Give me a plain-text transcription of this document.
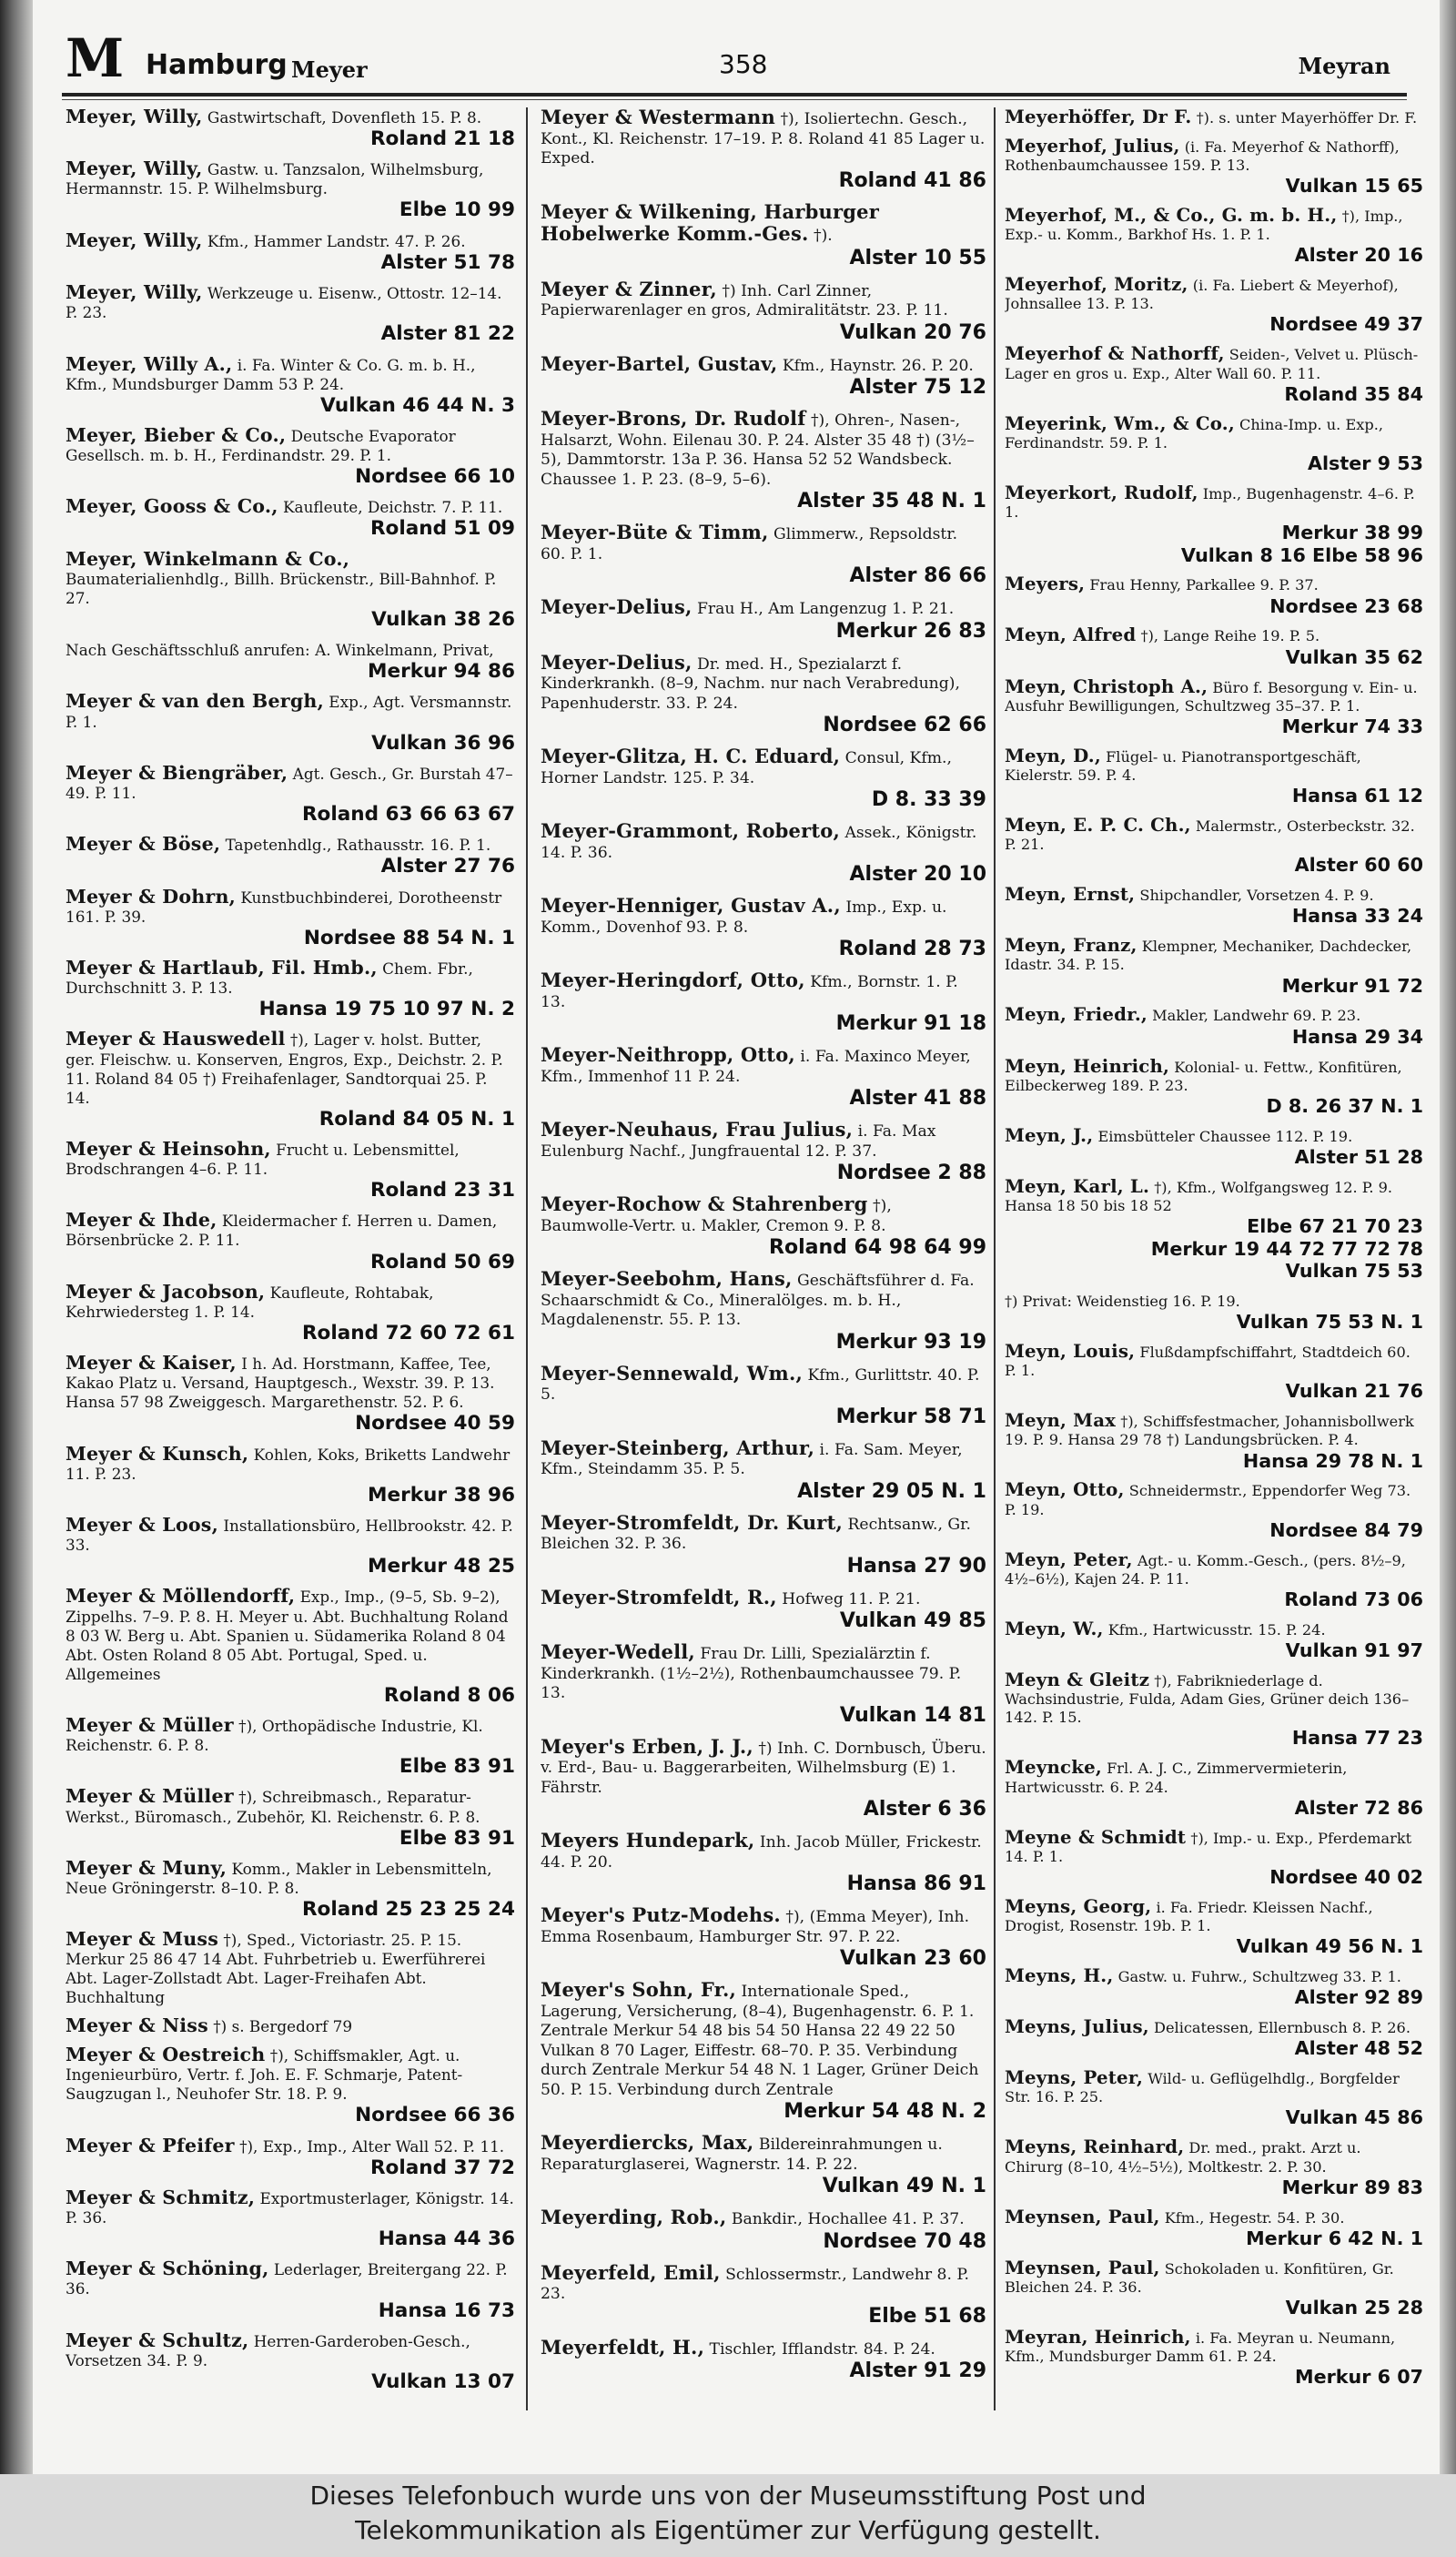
M Hamburg Meyer	358	Meyran
Meyer, Willy, Gastwirtschaft, Dovenfleth 15. P. 8.
Roland 21 18
Meyer, Willy, Gastw. u. Tanzsalon, Wilhelmsburg, Hermannstr. 15. P. Wilhelmsburg.
Elbe 10 99
Meyer, Willy, Kfm., Hammer Landstr. 47. P. 26.
Alster 51 78
Meyer, Willy, Werkzeuge u. Eisenw., Ottostr. 12–14. P. 23.
Alster 81 22
Meyer, Willy A., i. Fa. Winter & Co. G. m. b. H., Kfm., Mundsburger Damm 53 P. 24.
Vulkan 46 44 N. 3
Meyer, Bieber & Co., Deutsche Evaporator Gesellsch. m. b. H., Ferdinandstr. 29. P. 1.
Nordsee 66 10
Meyer, Gooss & Co., Kaufleute, Deichstr. 7. P. 11.
Roland 51 09
Meyer, Winkelmann & Co., Baumaterialienhdlg., Billh. Brückenstr., Bill-Bahnhof. P. 27.
Vulkan 38 26
Nach Geschäftsschluß anrufen: A. Winkelmann, Privat,
Merkur 94 86
Meyer & van den Bergh, Exp., Agt. Versmannstr. P. 1.
Vulkan 36 96
Meyer & Biengräber, Agt. Gesch., Gr. Burstah 47–49. P. 11.
Roland 63 66 63 67
Meyer & Böse, Tapetenhdlg., Rathausstr. 16. P. 1.
Alster 27 76
Meyer & Dohrn, Kunstbuchbinderei, Dorotheenstr 161. P. 39.
Nordsee 88 54 N. 1
Meyer & Hartlaub, Fil. Hmb., Chem. Fbr., Durchschnitt 3. P. 13.
Hansa 19 75 10 97 N. 2
Meyer & Hauswedell †), Lager v. holst. Butter, ger. Fleischw. u. Konserven, Engros, Exp., Deichstr. 2. P. 11. Roland 84 05 †) Freihafenlager, Sandtorquai 25. P. 14.
Roland 84 05 N. 1
Meyer & Heinsohn, Frucht u. Lebensmittel, Brodschrangen 4–6. P. 11.
Roland 23 31
Meyer & Ihde, Kleidermacher f. Herren u. Damen, Börsenbrücke 2. P. 11.
Roland 50 69
Meyer & Jacobson, Kaufleute, Rohtabak, Kehrwiedersteg 1. P. 14.
Roland 72 60 72 61
Meyer & Kaiser, I h. Ad. Horstmann, Kaffee, Tee, Kakao Platz u. Versand, Hauptgesch., Wexstr. 39. P. 13. Hansa 57 98 Zweiggesch. Margarethenstr. 52. P. 6.
Nordsee 40 59
Meyer & Kunsch, Kohlen, Koks, Briketts Landwehr 11. P. 23.
Merkur 38 96
Meyer & Loos, Installationsbüro, Hellbrookstr. 42. P. 33.
Merkur 48 25
Meyer & Möllendorff, Exp., Imp., (9–5, Sb. 9–2), Zippelhs. 7–9. P. 8. H. Meyer u. Abt. Buchhaltung Roland 8 03 W. Berg u. Abt. Spanien u. Südamerika Roland 8 04 Abt. Osten Roland 8 05 Abt. Portugal, Sped. u. Allgemeines
Roland 8 06
Meyer & Müller †), Orthopädische Industrie, Kl. Reichenstr. 6. P. 8.
Elbe 83 91
Meyer & Müller †), Schreibmasch., Reparatur-Werkst., Büromasch., Zubehör, Kl. Reichenstr. 6. P. 8.
Elbe 83 91
Meyer & Muny, Komm., Makler in Lebensmitteln, Neue Gröningerstr. 8–10. P. 8.
Roland 25 23 25 24
Meyer & Muss †), Sped., Victoriastr. 25. P. 15. Merkur 25 86 47 14 Abt. Fuhrbetrieb u. Ewerführerei Abt. Lager-Zollstadt Abt. Lager-Freihafen Abt. Buchhaltung
Meyer & Niss †) s. Bergedorf 79
Meyer & Oestreich †), Schiffsmakler, Agt. u. Ingenieurbüro, Vertr. f. Joh. E. F. Schmarje, Patent-Saugzugan l., Neuhofer Str. 18. P. 9.
Nordsee 66 36
Meyer & Pfeifer †), Exp., Imp., Alter Wall 52. P. 11.
Roland 37 72
Meyer & Schmitz, Exportmusterlager, Königstr. 14. P. 36.
Hansa 44 36
Meyer & Schöning, Lederlager, Breitergang 22. P. 36.
Hansa 16 73
Meyer & Schultz, Herren-Garderoben-Gesch., Vorsetzen 34. P. 9.
Vulkan 13 07
Meyer & Westermann †), Isoliertechn. Gesch., Kont., Kl. Reichenstr. 17–19. P. 8. Roland 41 85 Lager u. Exped.
Roland 41 86
Meyer & Wilkening, Harburger Hobelwerke Komm.-Ges. †).
Alster 10 55
Meyer & Zinner, †) Inh. Carl Zinner, Papierwarenlager en gros, Admiralitätstr. 23. P. 11.
Vulkan 20 76
Meyer-Bartel, Gustav, Kfm., Haynstr. 26. P. 20.
Alster 75 12
Meyer-Brons, Dr. Rudolf †), Ohren-, Nasen-, Halsarzt, Wohn. Eilenau 30. P. 24. Alster 35 48 †) (3½–5), Dammtorstr. 13a P. 36. Hansa 52 52 Wandsbeck. Chaussee 1. P. 23. (8–9, 5–6).
Alster 35 48 N. 1
Meyer-Büte & Timm, Glimmerw., Repsoldstr. 60. P. 1.
Alster 86 66
Meyer-Delius, Frau H., Am Langenzug 1. P. 21.
Merkur 26 83
Meyer-Delius, Dr. med. H., Spezialarzt f. Kinderkrankh. (8–9, Nachm. nur nach Verabredung), Papenhuderstr. 33. P. 24.
Nordsee 62 66
Meyer-Glitza, H. C. Eduard, Consul, Kfm., Horner Landstr. 125. P. 34.
D 8. 33 39
Meyer-Grammont, Roberto, Assek., Königstr. 14. P. 36.
Alster 20 10
Meyer-Henniger, Gustav A., Imp., Exp. u. Komm., Dovenhof 93. P. 8.
Roland 28 73
Meyer-Heringdorf, Otto, Kfm., Bornstr. 1. P. 13.
Merkur 91 18
Meyer-Neithropp, Otto, i. Fa. Maxinco Meyer, Kfm., Immenhof 11 P. 24.
Alster 41 88
Meyer-Neuhaus, Frau Julius, i. Fa. Max Eulenburg Nachf., Jungfrauental 12. P. 37.
Nordsee 2 88
Meyer-Rochow & Stahrenberg †), Baumwolle-Vertr. u. Makler, Cremon 9. P. 8.
Roland 64 98 64 99
Meyer-Seebohm, Hans, Geschäftsführer d. Fa. Schaarschmidt & Co., Mineralölges. m. b. H., Magdalenenstr. 55. P. 13.
Merkur 93 19
Meyer-Sennewald, Wm., Kfm., Gurlittstr. 40. P. 5.
Merkur 58 71
Meyer-Steinberg, Arthur, i. Fa. Sam. Meyer, Kfm., Steindamm 35. P. 5.
Alster 29 05 N. 1
Meyer-Stromfeldt, Dr. Kurt, Rechtsanw., Gr. Bleichen 32. P. 36.
Hansa 27 90
Meyer-Stromfeldt, R., Hofweg 11. P. 21.
Vulkan 49 85
Meyer-Wedell, Frau Dr. Lilli, Spezialärztin f. Kinderkrankh. (1½–2½), Rothenbaumchaussee 79. P. 13.
Vulkan 14 81
Meyer's Erben, J. J., †) Inh. C. Dornbusch, Überu. v. Erd-, Bau- u. Baggerarbeiten, Wilhelmsburg (E) 1. Fährstr.
Alster 6 36
Meyers Hundepark, Inh. Jacob Müller, Frickestr. 44. P. 20.
Hansa 86 91
Meyer's Putz-Modehs. †), (Emma Meyer), Inh. Emma Rosenbaum, Hamburger Str. 97. P. 22.
Vulkan 23 60
Meyer's Sohn, Fr., Internationale Sped., Lagerung, Versicherung, (8–4), Bugenhagenstr. 6. P. 1. Zentrale Merkur 54 48 bis 54 50 Hansa 22 49 22 50 Vulkan 8 70 Lager, Eiffestr. 68–70. P. 35. Verbindung durch Zentrale Merkur 54 48 N. 1 Lager, Grüner Deich 50. P. 15. Verbindung durch Zentrale
Merkur 54 48 N. 2
Meyerdiercks, Max, Bildereinrahmungen u. Reparaturglaserei, Wagnerstr. 14. P. 22.
Vulkan 49 N. 1
Meyerding, Rob., Bankdir., Hochallee 41. P. 37.
Nordsee 70 48
Meyerfeld, Emil, Schlossermstr., Landwehr 8. P. 23.
Elbe 51 68
Meyerfeldt, H., Tischler, Ifflandstr. 84. P. 24.
Alster 91 29
Meyerhöffer, Dr F. †). s. unter Mayerhöffer Dr. F.
Meyerhof, Julius, (i. Fa. Meyerhof & Nathorff), Rothenbaumchaussee 159. P. 13.
Vulkan 15 65
Meyerhof, M., & Co., G. m. b. H., †), Imp., Exp.- u. Komm., Barkhof Hs. 1. P. 1.
Alster 20 16
Meyerhof, Moritz, (i. Fa. Liebert & Meyerhof), Johnsallee 13. P. 13.
Nordsee 49 37
Meyerhof & Nathorff, Seiden-, Velvet u. Plüsch-Lager en gros u. Exp., Alter Wall 60. P. 11.
Roland 35 84
Meyerink, Wm., & Co., China-Imp. u. Exp., Ferdinandstr. 59. P. 1.
Alster 9 53
Meyerkort, Rudolf, Imp., Bugenhagenstr. 4–6. P. 1.
Merkur 38 99
Vulkan 8 16 Elbe 58 96
Meyers, Frau Henny, Parkallee 9. P. 37.
Nordsee 23 68
Meyn, Alfred †), Lange Reihe 19. P. 5.
Vulkan 35 62
Meyn, Christoph A., Büro f. Besorgung v. Ein- u. Ausfuhr Bewilligungen, Schultzweg 35–37. P. 1.
Merkur 74 33
Meyn, D., Flügel- u. Pianotransportgeschäft, Kielerstr. 59. P. 4.
Hansa 61 12
Meyn, E. P. C. Ch., Malermstr., Osterbeckstr. 32. P. 21.
Alster 60 60
Meyn, Ernst, Shipchandler, Vorsetzen 4. P. 9.
Hansa 33 24
Meyn, Franz, Klempner, Mechaniker, Dachdecker, Idastr. 34. P. 15.
Merkur 91 72
Meyn, Friedr., Makler, Landwehr 69. P. 23.
Hansa 29 34
Meyn, Heinrich, Kolonial- u. Fettw., Konfitüren, Eilbeckerweg 189. P. 23.
D 8. 26 37 N. 1
Meyn, J., Eimsbütteler Chaussee 112. P. 19.
Alster 51 28
Meyn, Karl, L. †), Kfm., Wolfgangsweg 12. P. 9. Hansa 18 50 bis 18 52
Elbe 67 21 70 23
Merkur 19 44 72 77 72 78
Vulkan 75 53
†) Privat: Weidenstieg 16. P. 19.
Vulkan 75 53 N. 1
Meyn, Louis, Flußdampfschiffahrt, Stadtdeich 60. P. 1.
Vulkan 21 76
Meyn, Max †), Schiffsfestmacher, Johannisbollwerk 19. P. 9. Hansa 29 78 †) Landungsbrücken. P. 4.
Hansa 29 78 N. 1
Meyn, Otto, Schneidermstr., Eppendorfer Weg 73. P. 19.
Nordsee 84 79
Meyn, Peter, Agt.- u. Komm.-Gesch., (pers. 8½–9, 4½–6½), Kajen 24. P. 11.
Roland 73 06
Meyn, W., Kfm., Hartwicusstr. 15. P. 24.
Vulkan 91 97
Meyn & Gleitz †), Fabrikniederlage d. Wachsindustrie, Fulda, Adam Gies, Grüner deich 136–142. P. 15.
Hansa 77 23
Meyncke, Frl. A. J. C., Zimmervermieterin, Hartwicusstr. 6. P. 24.
Alster 72 86
Meyne & Schmidt †), Imp.- u. Exp., Pferdemarkt 14. P. 1.
Nordsee 40 02
Meyns, Georg, i. Fa. Friedr. Kleissen Nachf., Drogist, Rosenstr. 19b. P. 1.
Vulkan 49 56 N. 1
Meyns, H., Gastw. u. Fuhrw., Schultzweg 33. P. 1.
Alster 92 89
Meyns, Julius, Delicatessen, Ellernbusch 8. P. 26.
Alster 48 52
Meyns, Peter, Wild- u. Geflügelhdlg., Borgfelder Str. 16. P. 25.
Vulkan 45 86
Meyns, Reinhard, Dr. med., prakt. Arzt u. Chirurg (8–10, 4½–5½), Moltkestr. 2. P. 30.
Merkur 89 83
Meynsen, Paul, Kfm., Hegestr. 54. P. 30.
Merkur 6 42 N. 1
Meynsen, Paul, Schokoladen u. Konfitüren, Gr. Bleichen 24. P. 36.
Vulkan 25 28
Meyran, Heinrich, i. Fa. Meyran u. Neumann, Kfm., Mundsburger Damm 61. P. 24.
Merkur 6 07
Dieses Telefonbuch wurde uns von der Museumsstiftung Post und
Telekommunikation als Eigentümer zur Verfügung gestellt.
